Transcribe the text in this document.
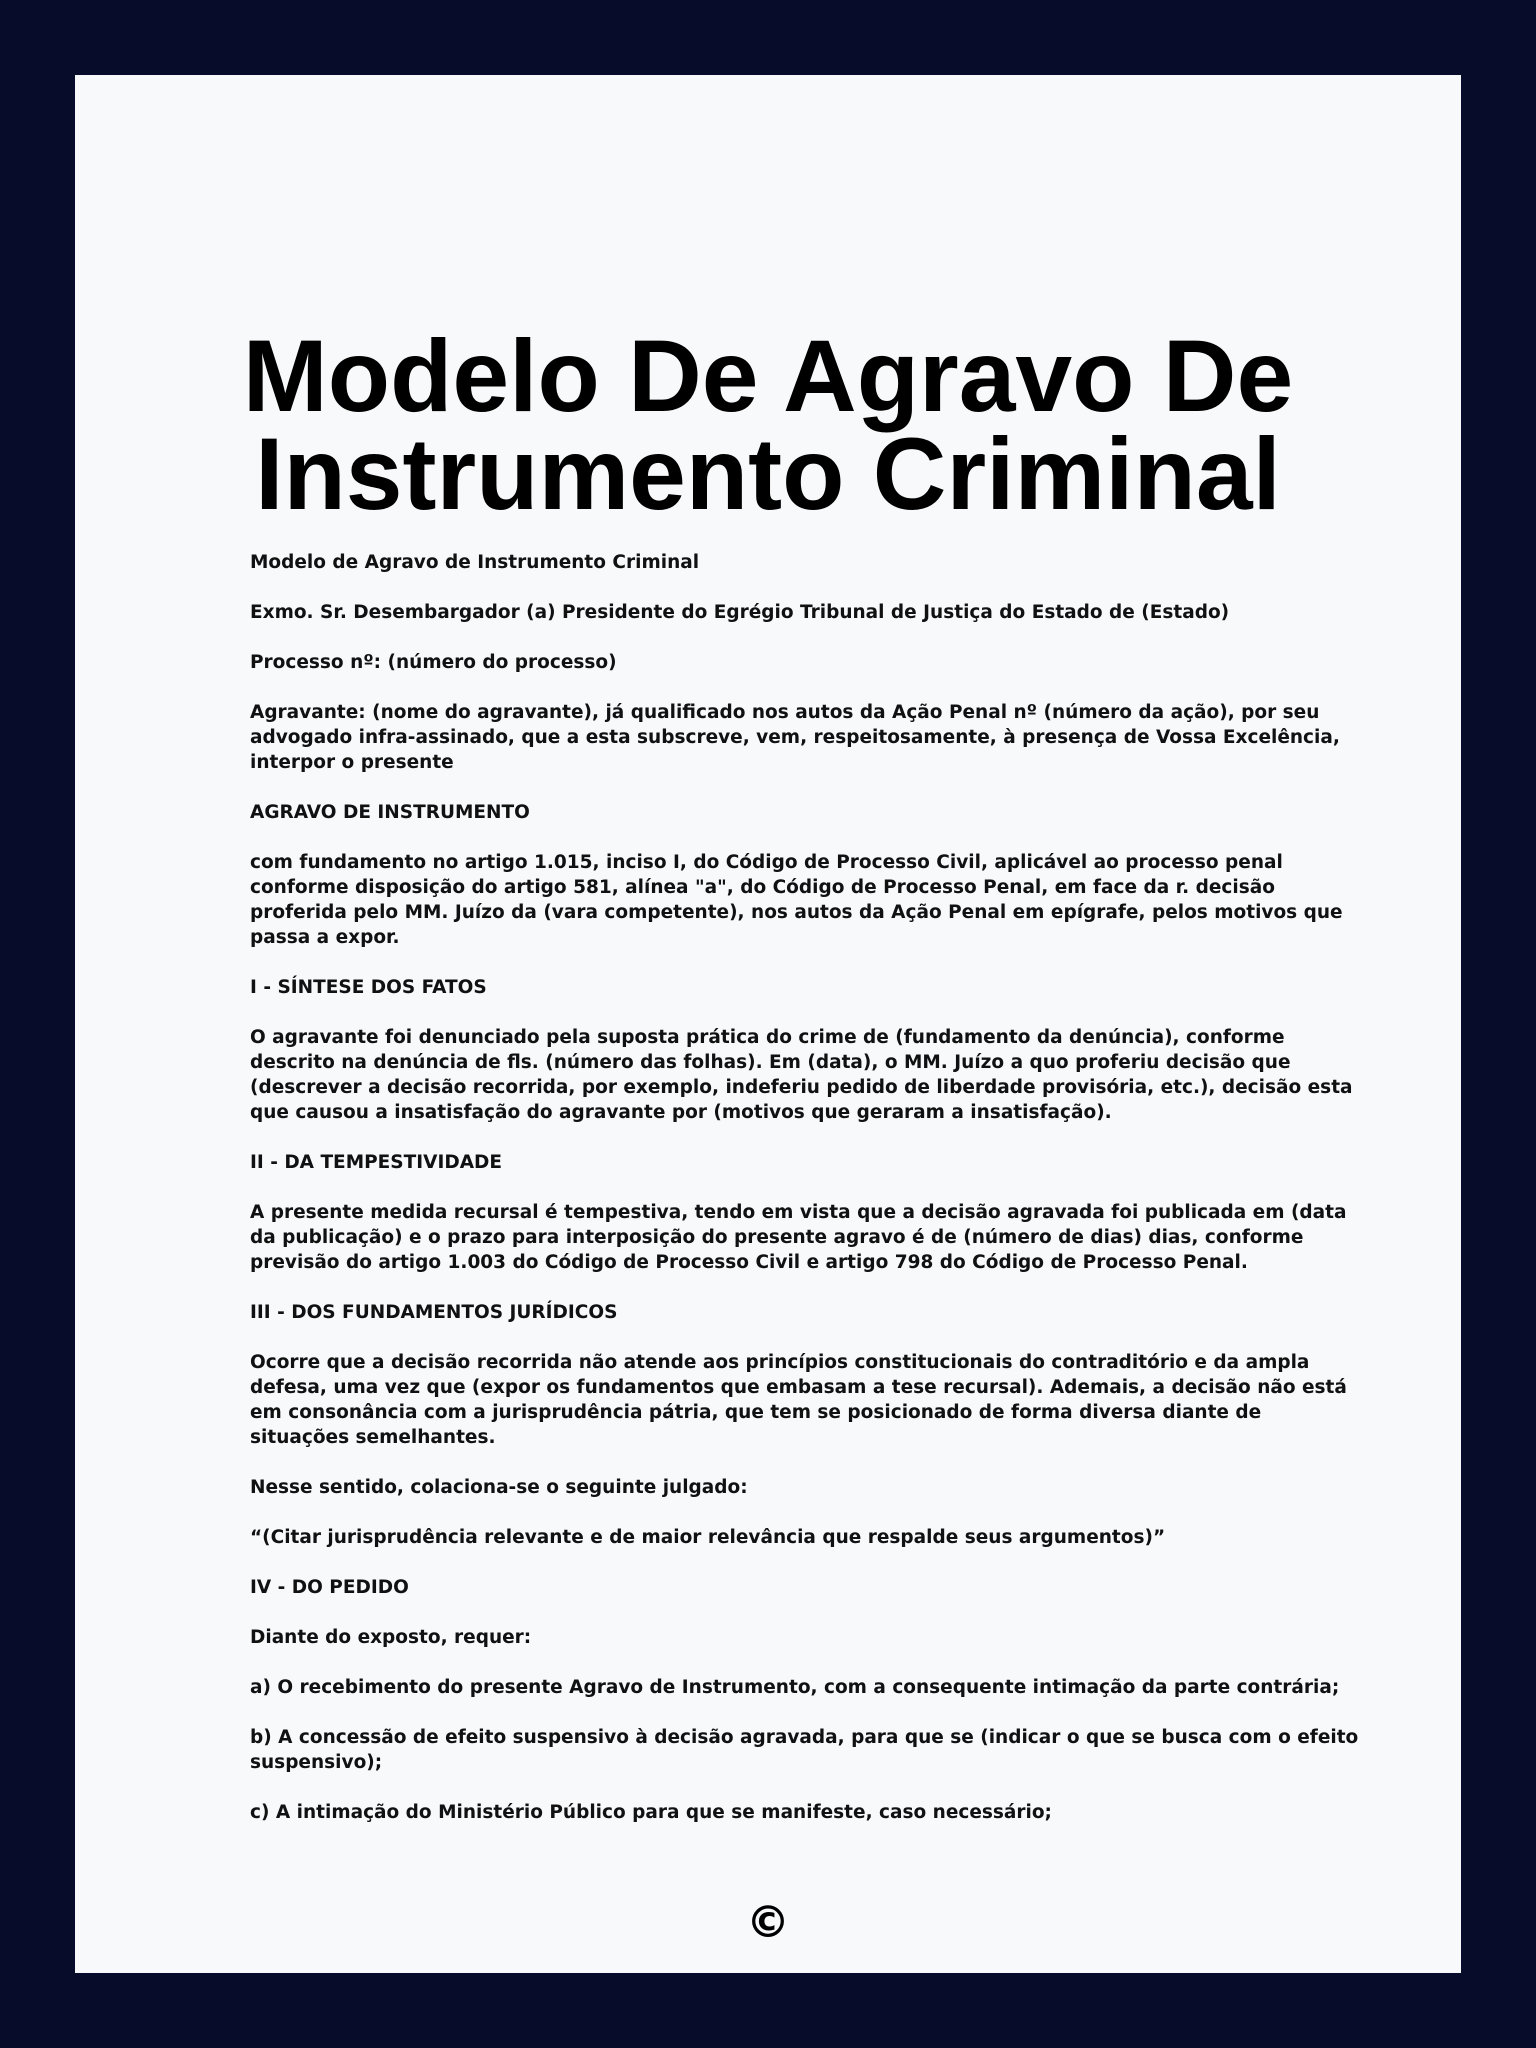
Modelo De Agravo De
Instrumento Criminal

Modelo de Agravo de Instrumento Criminal

Exmo. Sr. Desembargador (a) Presidente do Egrégio Tribunal de Justiça do Estado de (Estado)

Processo nº: (número do processo)

Agravante: (nome do agravante), já qualificado nos autos da Ação Penal nº (número da ação), por seu advogado infra-assinado, que a esta subscreve, vem, respeitosamente, à presença de Vossa Excelência, interpor o presente

AGRAVO DE INSTRUMENTO

com fundamento no artigo 1.015, inciso I, do Código de Processo Civil, aplicável ao processo penal conforme disposição do artigo 581, alínea "a", do Código de Processo Penal, em face da r. decisão proferida pelo MM. Juízo da (vara competente), nos autos da Ação Penal em epígrafe, pelos motivos que passa a expor.

I - SÍNTESE DOS FATOS

O agravante foi denunciado pela suposta prática do crime de (fundamento da denúncia), conforme descrito na denúncia de fls. (número das folhas). Em (data), o MM. Juízo a quo proferiu decisão que (descrever a decisão recorrida, por exemplo, indeferiu pedido de liberdade provisória, etc.), decisão esta que causou a insatisfação do agravante por (motivos que geraram a insatisfação).

II - DA TEMPESTIVIDADE

A presente medida recursal é tempestiva, tendo em vista que a decisão agravada foi publicada em (data da publicação) e o prazo para interposição do presente agravo é de (número de dias) dias, conforme previsão do artigo 1.003 do Código de Processo Civil e artigo 798 do Código de Processo Penal.

III - DOS FUNDAMENTOS JURÍDICOS

Ocorre que a decisão recorrida não atende aos princípios constitucionais do contraditório e da ampla defesa, uma vez que (expor os fundamentos que embasam a tese recursal). Ademais, a decisão não está em consonância com a jurisprudência pátria, que tem se posicionado de forma diversa diante de situações semelhantes.

Nesse sentido, colaciona-se o seguinte julgado:

“(Citar jurisprudência relevante e de maior relevância que respalde seus argumentos)”

IV - DO PEDIDO

Diante do exposto, requer:

a) O recebimento do presente Agravo de Instrumento, com a consequente intimação da parte contrária;

b) A concessão de efeito suspensivo à decisão agravada, para que se (indicar o que se busca com o efeito suspensivo);

c) A intimação do Ministério Público para que se manifeste, caso necessário;

©
